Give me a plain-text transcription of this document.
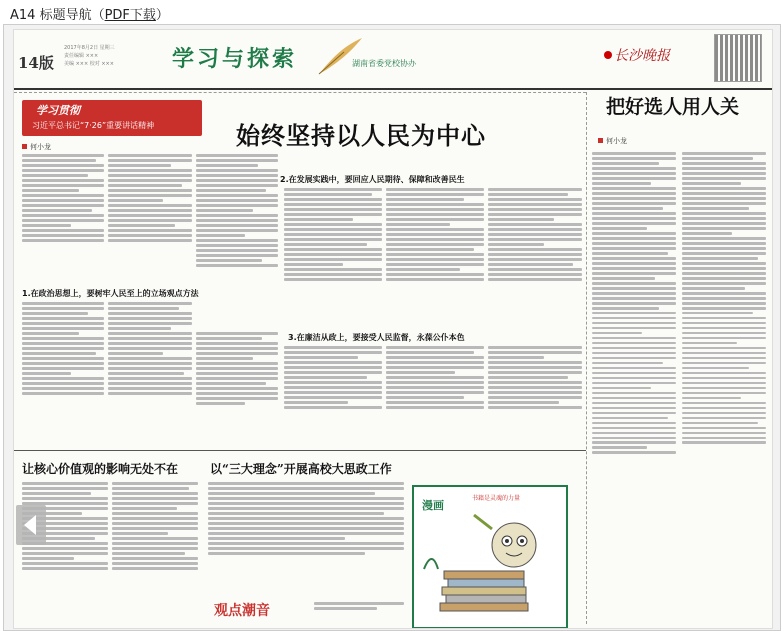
A14 标题导航（PDF下载）
14版
2017年8月2日 星期三
责任编辑 ×××
美编 ××× 校对 ×××	学习与探索	湖南省委党校协办	长沙晚报
学习贯彻
习近平总书记“7·26”重要讲话精神	始终坚持以人民为中心
何小龙
1.在政治思想上，要树牢人民至上的立场观点方法
2.在发展实践中，要回应人民期待、保障和改善民生
3.在廉洁从政上，要接受人民监督，永葆公仆本色
把好选人用人关
何小龙
让核心价值观的影响无处不在	以“三大理念”开展高校大思政工作
观点潮音
漫画
书籍是灵魂的力量
